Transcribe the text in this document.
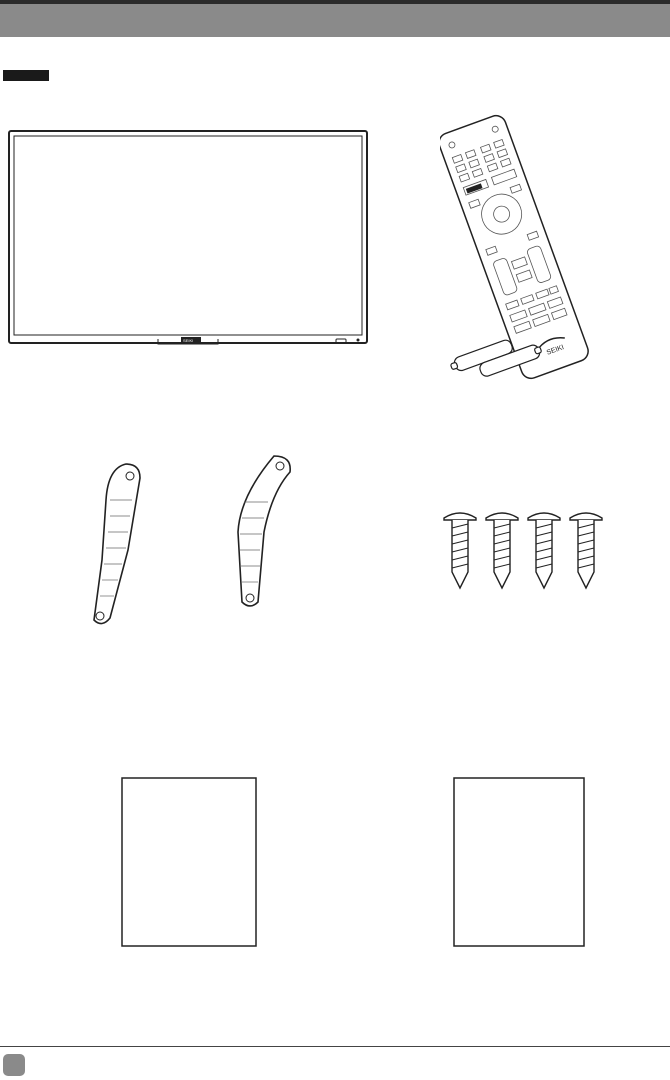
SEIKI
SEIKI
